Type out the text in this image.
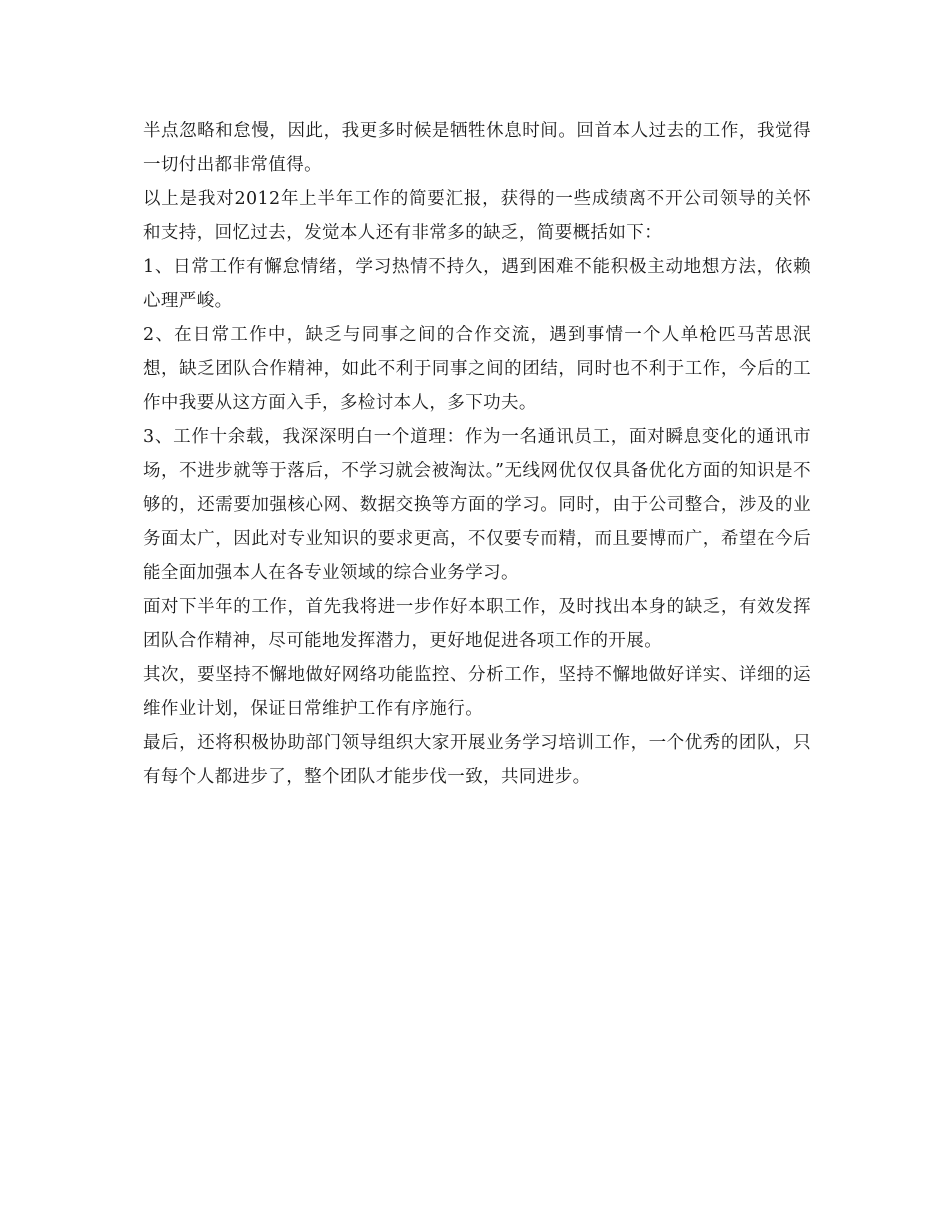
半点忽略和怠慢，因此，我更多时候是牺牲休息时间。回首本人过去的工作，我觉得一切付出都非常值得。

以上是我对2012年上半年工作的简要汇报，获得的一些成绩离不开公司领导的关怀和支持，回忆过去，发觉本人还有非常多的缺乏，简要概括如下：

1、日常工作有懈怠情绪，学习热情不持久，遇到困难不能积极主动地想方法，依赖心理严峻。

2、在日常工作中，缺乏与同事之间的合作交流，遇到事情一个人单枪匹马苦思泯想，缺乏团队合作精神，如此不利于同事之间的团结，同时也不利于工作，今后的工作中我要从这方面入手，多检讨本人，多下功夫。

3、工作十余载，我深深明白一个道理：作为一名通讯员工，面对瞬息变化的通讯市场，不进步就等于落后，不学习就会被淘汰。”无线网优仅仅具备优化方面的知识是不够的，还需要加强核心网、数据交换等方面的学习。同时，由于公司整合，涉及的业务面太广，因此对专业知识的要求更高，不仅要专而精，而且要博而广，希望在今后能全面加强本人在各专业领域的综合业务学习。

面对下半年的工作，首先我将进一步作好本职工作，及时找出本身的缺乏，有效发挥团队合作精神，尽可能地发挥潜力，更好地促进各项工作的开展。

其次，要坚持不懈地做好网络功能监控、分析工作，坚持不懈地做好详实、详细的运维作业计划，保证日常维护工作有序施行。

最后，还将积极协助部门领导组织大家开展业务学习培训工作，一个优秀的团队，只有每个人都进步了，整个团队才能步伐一致，共同进步。
